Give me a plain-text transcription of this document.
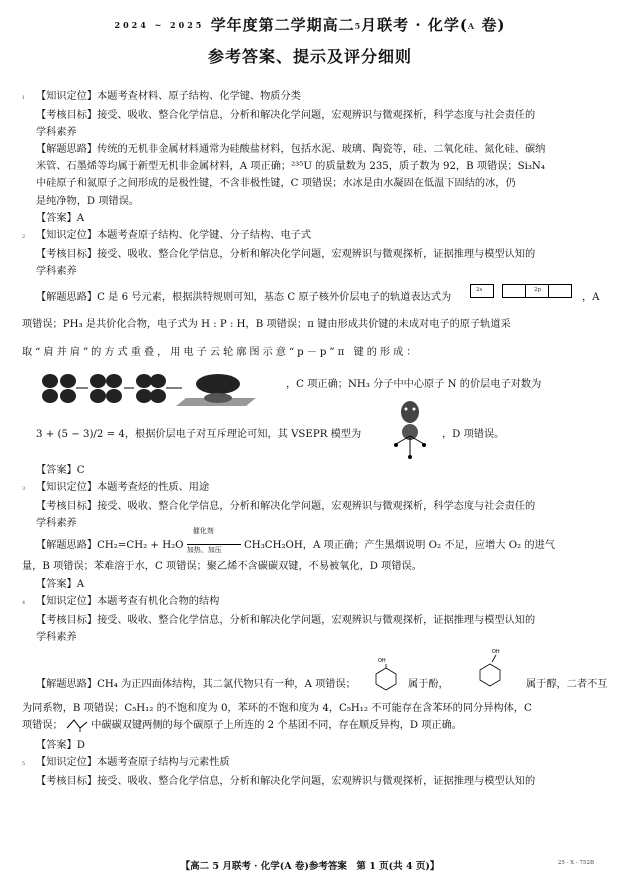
2024 ~ 2025 学年度第二学期高二5月联考 · 化学(A 卷)
参考答案、提示及评分细则
1 【知识定位】本题考查材料、原子结构、化学键、物质分类
【考核目标】接受、吸收、整合化学信息，分析和解决化学问题，宏观辨识与微观探析，科学态度与社会责任的
学科素养
【解题思路】传统的无机非金属材料通常为硅酸盐材料，包括水泥、玻璃、陶瓷等，硅、二氧化硅、氮化硅、碳纳
米管、石墨烯等均属于新型无机非金属材料，A 项正确；²³⁵U 的质量数为 235，质子数为 92，B 项错误；Si₃N₄
中硅原子和氮原子之间形成的是极性键，不含非极性键，C 项错误；水冰是由水凝固在低温下固结的冰，仍
是纯净物，D 项错误。
【答案】A
2 【知识定位】本题考查原子结构、化学键、分子结构、电子式
【考核目标】接受、吸收、整合化学信息，分析和解决化学问题，宏观辨识与微观探析，证据推理与模型认知的
学科素养
【解题思路】C 是 6 号元素，根据洪特规则可知，基态 C 原子核外价层电子的轨道表达式为
2s	2p
，A
项错误；PH₃ 是共价化合物，电子式为 H : P : H，B 项错误；π 键由形成共价键的未成对电子的原子轨道采
取“肩并肩”的方式重叠，用电子云轮廓图示意“p－p”π 键的形成：
，C 项正确；NH₃ 分子中中心原子 N 的价层电子对数为
3 + (5 − 3)/2 = 4，根据价层电子对互斥理论可知，其 VSEPR 模型为	，D 项错误。
【答案】C
3 【知识定位】本题考查烃的性质、用途
【考核目标】接受、吸收、整合化学信息，分析和解决化学问题，宏观辨识与微观探析，科学态度与社会责任的
学科素养
【解题思路】CH₂=CH₂ + H₂O
催化剂
加热、加压 CH₃CH₂OH，A 项正确；产生黑烟说明 O₂ 不足，应增大 O₂ 的进气
量，B 项错误；苯难溶于水，C 项错误；聚乙烯不含碳碳双键，不易被氧化，D 项错误。
【答案】A
4 【知识定位】本题考查有机化合物的结构
【考核目标】接受、吸收、整合化学信息，分析和解决化学问题，宏观辨识与微观探析，证据推理与模型认知的
学科素养
【解题思路】CH₄ 为正四面体结构，其二氯代物只有一种，A 项错误；
OH
属于酚，
OH
属于醇，二者不互
为同系物，B 项错误；C₅H₁₂ 的不饱和度为 0，苯环的不饱和度为 4，C₅H₁₂ 不可能存在含苯环的同分异构体，C
项错误；	中碳碳双键两侧的每个碳原子上所连的 2 个基团不同，存在顺反异构，D 项正确。
【答案】D
5 【知识定位】本题考查原子结构与元素性质
【考核目标】接受、吸收、整合化学信息，分析和解决化学问题，宏观辨识与微观探析，证据推理与模型认知的
【高二 5 月联考 · 化学(A 卷)参考答案　第 1 页(共 4 页)】	25 - X - 752B
